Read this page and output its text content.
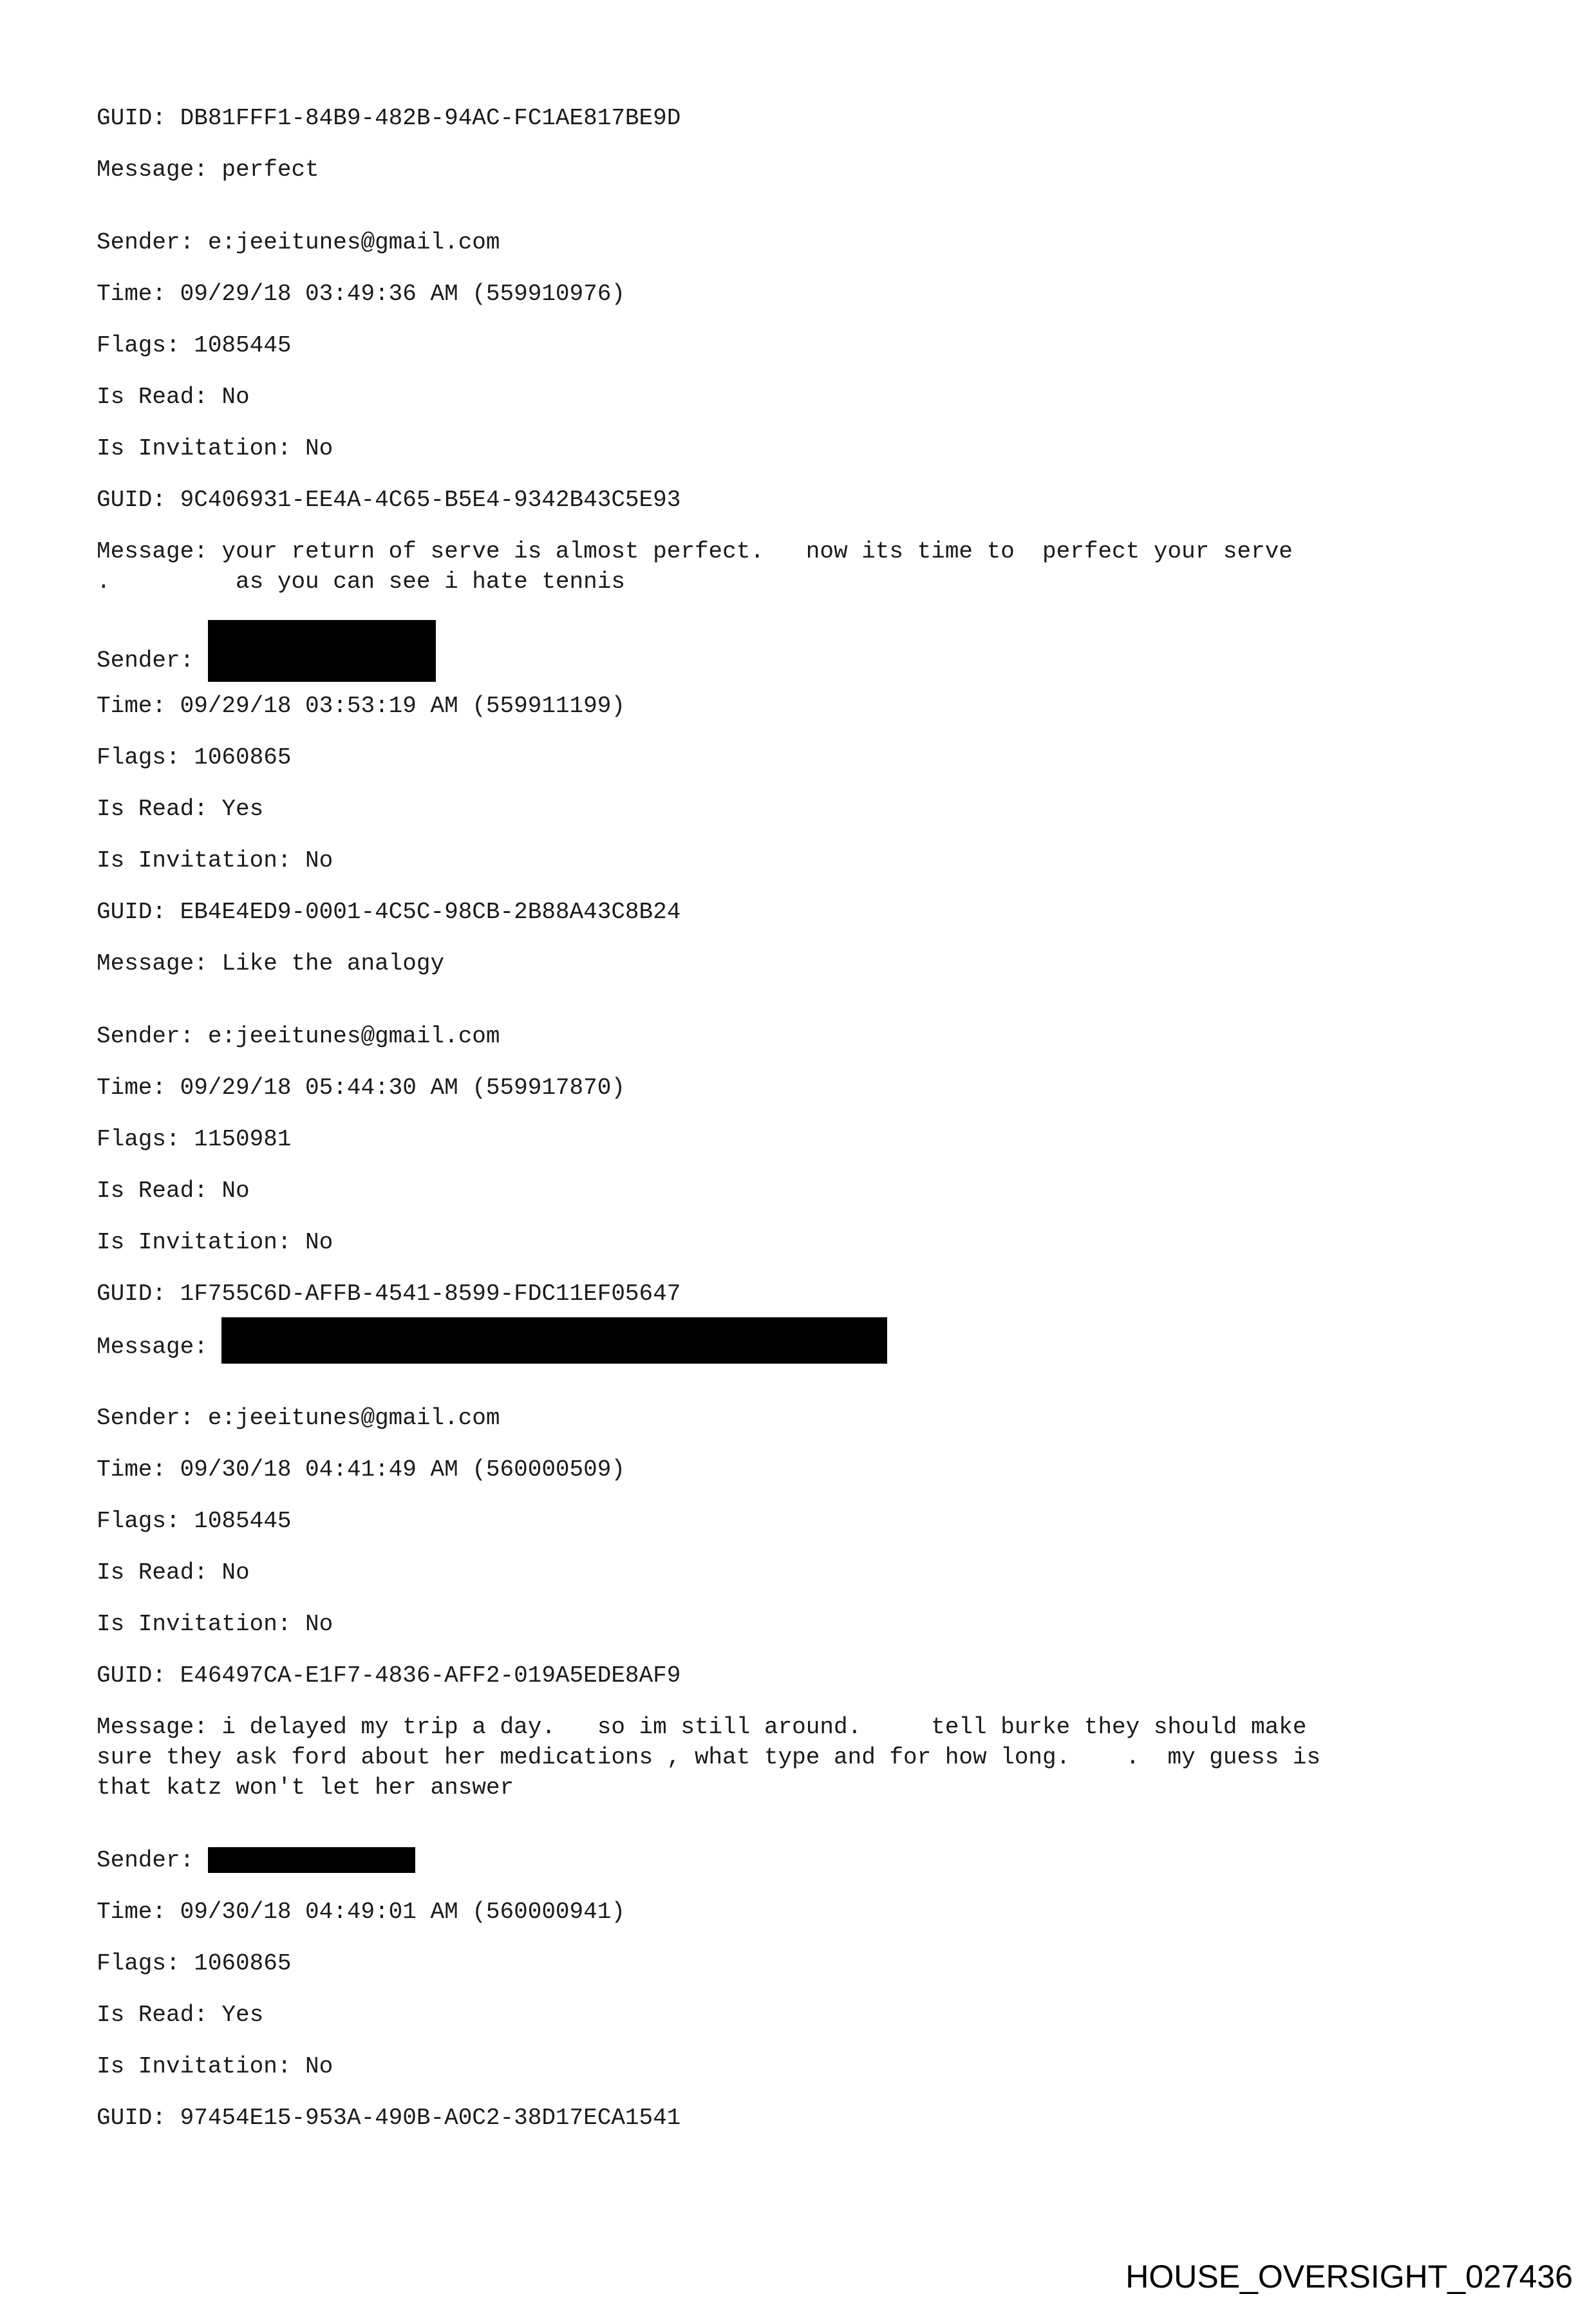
GUID: DB81FFF1-84B9-482B-94AC-FC1AE817BE9D
Message: perfect
Sender: e:jeeitunes@gmail.com
Time: 09/29/18 03:49:36 AM (559910976)
Flags: 1085445
Is Read: No
Is Invitation: No
GUID: 9C406931-EE4A-4C65-B5E4-9342B43C5E93
Message: your return of serve is almost perfect.   now its time to  perfect your serve
.         as you can see i hate tennis
Sender:
Time: 09/29/18 03:53:19 AM (559911199)
Flags: 1060865
Is Read: Yes
Is Invitation: No
GUID: EB4E4ED9-0001-4C5C-98CB-2B88A43C8B24
Message: Like the analogy
Sender: e:jeeitunes@gmail.com
Time: 09/29/18 05:44:30 AM (559917870)
Flags: 1150981
Is Read: No
Is Invitation: No
GUID: 1F755C6D-AFFB-4541-8599-FDC11EF05647
Message:
Sender: e:jeeitunes@gmail.com
Time: 09/30/18 04:41:49 AM (560000509)
Flags: 1085445
Is Read: No
Is Invitation: No
GUID: E46497CA-E1F7-4836-AFF2-019A5EDE8AF9
Message: i delayed my trip a day.   so im still around.     tell burke they should make
sure they ask ford about her medications , what type and for how long.    .  my guess is
that katz won't let her answer
Sender:
Time: 09/30/18 04:49:01 AM (560000941)
Flags: 1060865
Is Read: Yes
Is Invitation: No
GUID: 97454E15-953A-490B-A0C2-38D17ECA1541
HOUSE_OVERSIGHT_027436
